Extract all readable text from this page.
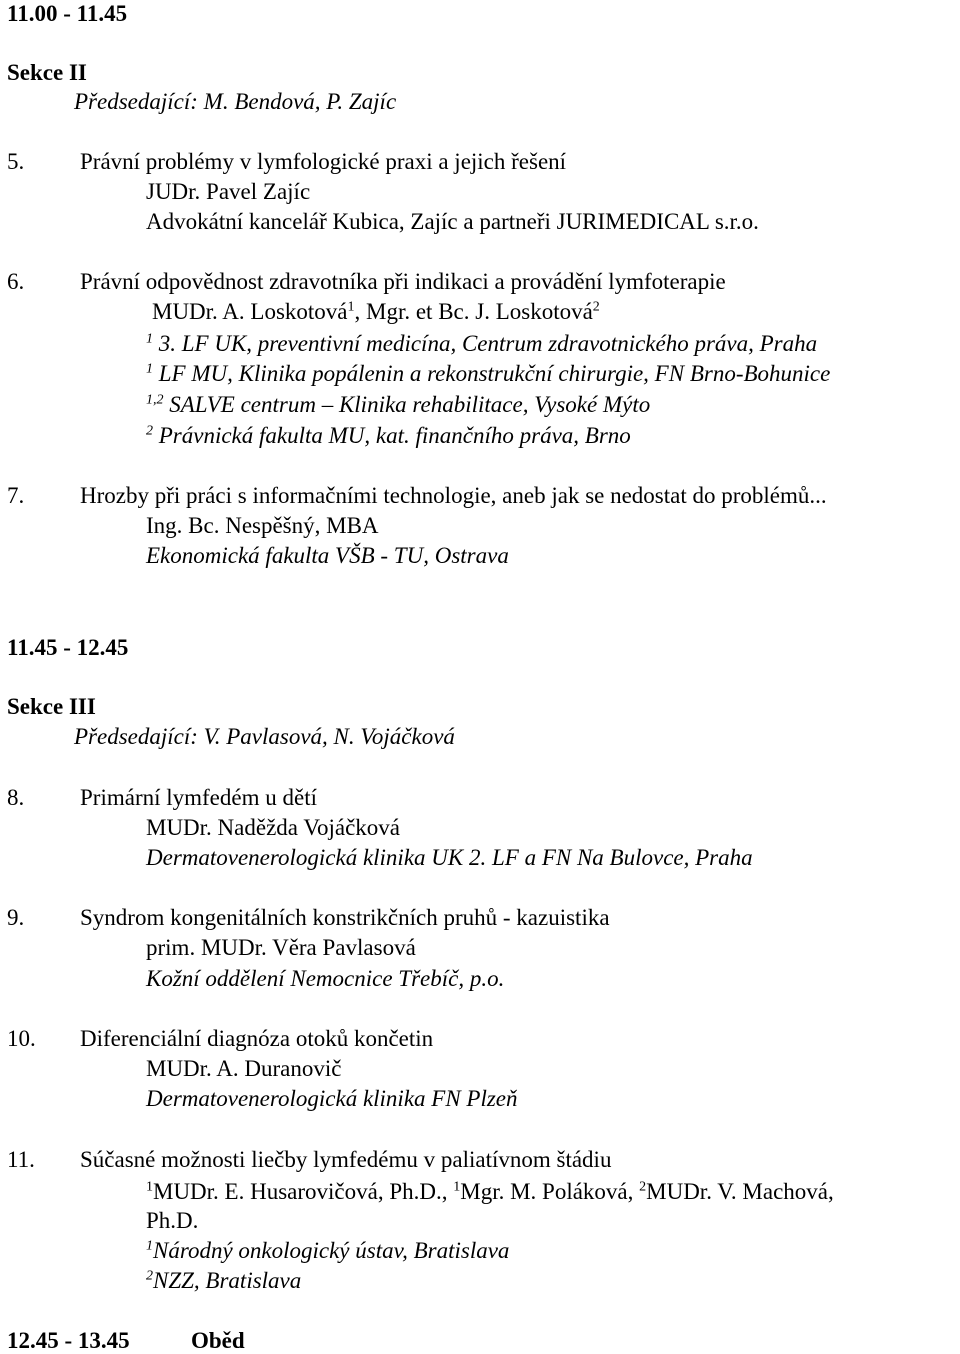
11.00 - 11.45
Sekce II
Předsedající: M. Bendová, P. Zajíc
5. Právní problémy v lymfologické praxi a jejich řešení
JUDr. Pavel Zajíc
Advokátní kancelář Kubica, Zajíc a partneři JURIMEDICAL s.r.o.
6. Právní odpovědnost zdravotníka při indikaci a provádění lymfoterapie
MUDr. A. Loskotová$^1$, Mgr. et Bc. J. Loskotová$^2$
$^1$ 3. LF UK, preventivní medicína, Centrum zdravotnického práva, Praha
$^1$ LF MU, Klinika popálenin a rekonstrukční chirurgie, FN Brno-Bohunice
$^{1,2}$ SALVE centrum – Klinika rehabilitace, Vysoké Mýto
$^2$ Právnická fakulta MU, kat. finančního práva, Brno
7. Hrozby při práci s informačními technologie, aneb jak se nedostat do problémů...
Ing. Bc. Nespěšný, MBA
Ekonomická fakulta VŠB - TU, Ostrava
11.45 - 12.45
Sekce III
Předsedající: V. Pavlasová, N. Vojáčková
8. Primární lymfedém u dětí
MUDr. Naděžda Vojáčková
Dermatovenerologická klinika UK 2. LF a FN Na Bulovce, Praha
9. Syndrom kongenitálních konstrikčních pruhů - kazuistika
prim. MUDr. Věra Pavlasová
Kožní oddělení Nemocnice Třebíč, p.o.
10. Diferenciální diagnóza otoků končetin
MUDr. A. Duranovič
Dermatovenerologická klinika FN Plzeň
11. Súčasné možnosti liečby lymfedému v paliatívnom štádiu
$^1$MUDr. E. Husarovičová, Ph.D., $^1$Mgr. M. Poláková, $^2$MUDr. V. Machová,
Ph.D.
$^1$Národný onkologický ústav, Bratislava
$^2$NZZ, Bratislava
12.45 - 13.45	Oběd
